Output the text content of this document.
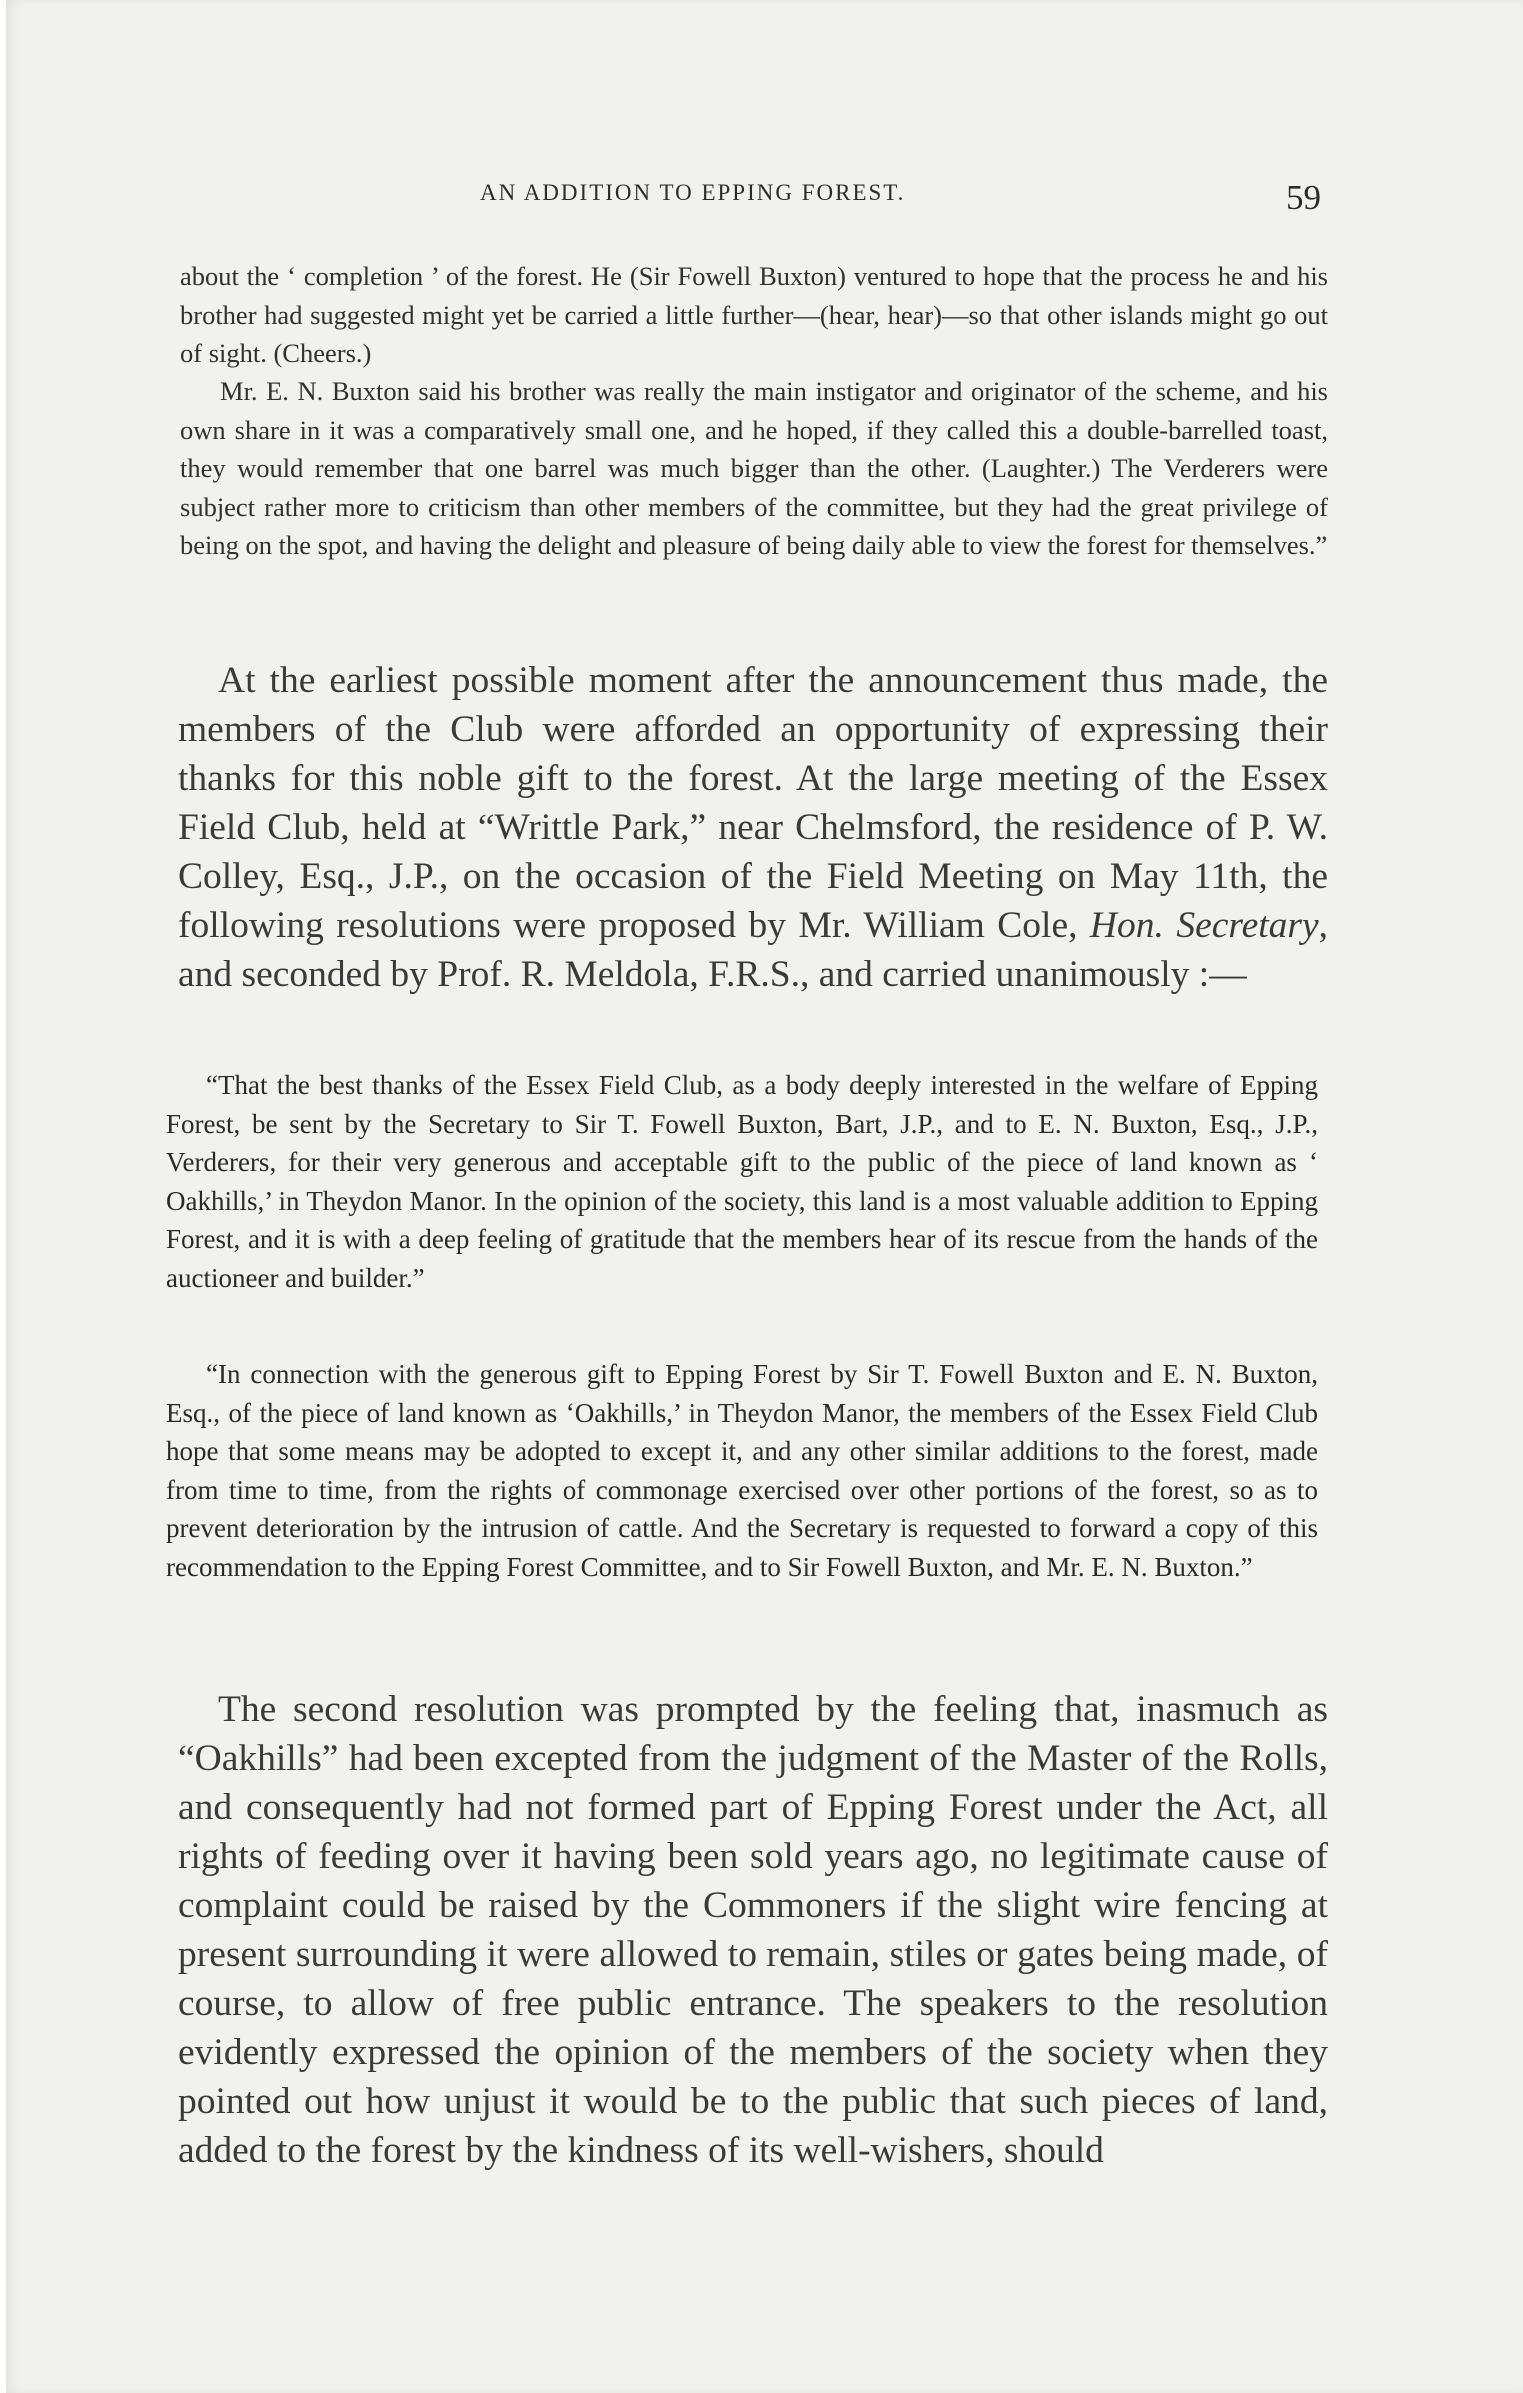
AN ADDITION TO EPPING FOREST.	59

about the ‘ completion ’ of the forest. He (Sir Fowell Buxton) ventured to hope that the process he and his brother had suggested might yet be carried a little further—(hear, hear)—so that other islands might go out of sight. (Cheers.)

Mr. E. N. Buxton said his brother was really the main instigator and originator of the scheme, and his own share in it was a comparatively small one, and he hoped, if they called this a double-barrelled toast, they would remember that one barrel was much bigger than the other. (Laughter.) The Verderers were subject rather more to criticism than other members of the committee, but they had the great privilege of being on the spot, and having the delight and pleasure of being daily able to view the forest for themselves.”

At the earliest possible moment after the announcement thus made, the members of the Club were afforded an opportunity of expressing their thanks for this noble gift to the forest. At the large meeting of the Essex Field Club, held at “Writtle Park,” near Chelmsford, the residence of P. W. Colley, Esq., J.P., on the occasion of the Field Meeting on May 11th, the following resolutions were proposed by Mr. William Cole, Hon. Secretary, and seconded by Prof. R. Meldola, F.R.S., and carried unanimously :—

“That the best thanks of the Essex Field Club, as a body deeply interested in the welfare of Epping Forest, be sent by the Secretary to Sir T. Fowell Buxton, Bart, J.P., and to E. N. Buxton, Esq., J.P., Verderers, for their very generous and acceptable gift to the public of the piece of land known as ‘ Oakhills,’ in Theydon Manor. In the opinion of the society, this land is a most valuable addition to Epping Forest, and it is with a deep feeling of gratitude that the members hear of its rescue from the hands of the auctioneer and builder.”

“In connection with the generous gift to Epping Forest by Sir T. Fowell Buxton and E. N. Buxton, Esq., of the piece of land known as ‘Oakhills,’ in Theydon Manor, the members of the Essex Field Club hope that some means may be adopted to except it, and any other similar additions to the forest, made from time to time, from the rights of commonage exercised over other portions of the forest, so as to prevent deterioration by the intrusion of cattle. And the Secretary is requested to forward a copy of this recommendation to the Epping Forest Committee, and to Sir Fowell Buxton, and Mr. E. N. Buxton.”

The second resolution was prompted by the feeling that, inasmuch as “Oakhills” had been excepted from the judgment of the Master of the Rolls, and consequently had not formed part of Epping Forest under the Act, all rights of feeding over it having been sold years ago, no legitimate cause of complaint could be raised by the Commoners if the slight wire fencing at present surrounding it were allowed to remain, stiles or gates being made, of course, to allow of free public entrance. The speakers to the resolution evidently expressed the opinion of the members of the society when they pointed out how unjust it would be to the public that such pieces of land, added to the forest by the kindness of its well-wishers, should
